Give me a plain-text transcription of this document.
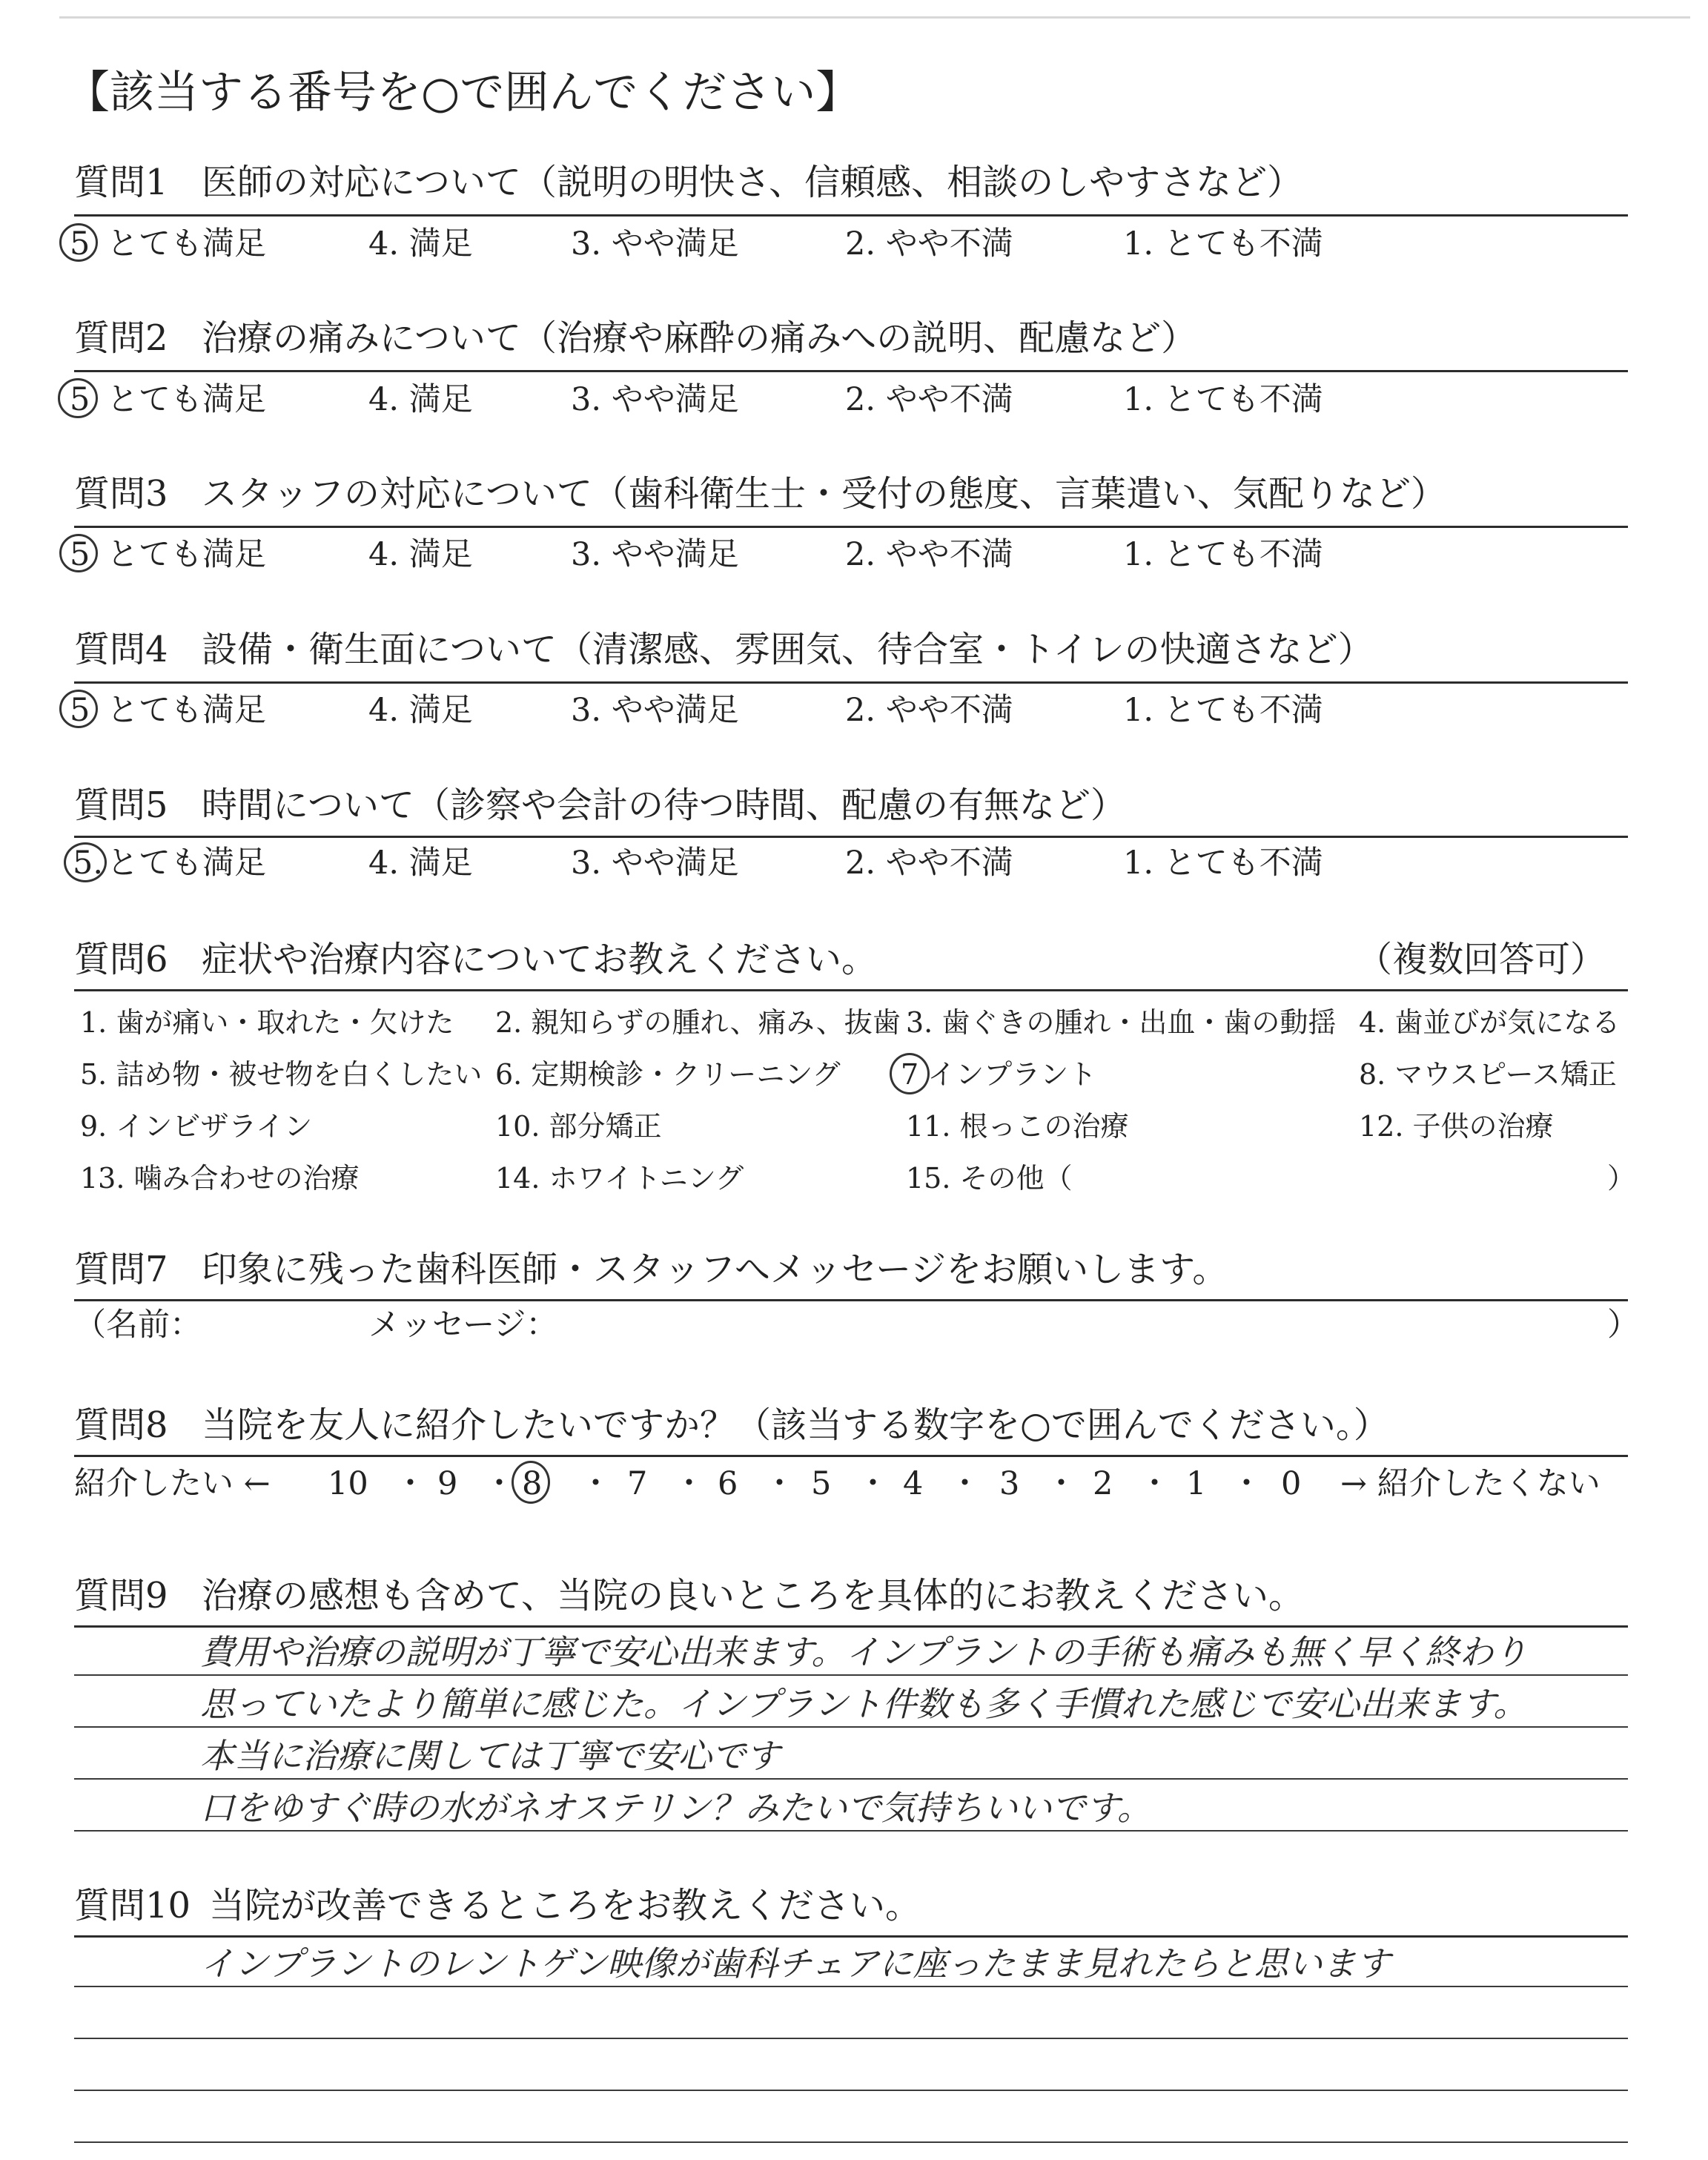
【該当する番号を○で囲んでください】
質問1 医師の対応について（説明の明快さ、信頼感、相談のしやすさなど）
5 とても満足	4. 満足	3. やや満足	2. やや不満	1. とても不満
質問2 治療の痛みについて（治療や麻酔の痛みへの説明、配慮など）
5 とても満足	4. 満足	3. やや満足	2. やや不満	1. とても不満
質問3 スタッフの対応について（歯科衛生士・受付の態度、言葉遣い、気配りなど）
5 とても満足	4. 満足	3. やや満足	2. やや不満	1. とても不満
質問4 設備・衛生面について（清潔感、雰囲気、待合室・トイレの快適さなど）
5 とても満足	4. 満足	3. やや満足	2. やや不満	1. とても不満
質問5 時間について（診察や会計の待つ時間、配慮の有無など）
5. とても満足	4. 満足	3. やや満足	2. やや不満	1. とても不満
質問6 症状や治療内容についてお教えください。	（複数回答可）
1. 歯が痛い・取れた・欠けた 2. 親知らずの腫れ、痛み、抜歯 3. 歯ぐきの腫れ・出血・歯の動揺 4. 歯並びが気になる
5. 詰め物・被せ物を白くしたい 6. 定期検診・クリーニング 7 インプラント	8. マウスピース矯正
9. インビザライン	10. 部分矯正	11. 根っこの治療	12. 子供の治療
13. 噛み合わせの治療	14. ホワイトニング	15. その他（	）
質問7 印象に残った歯科医師・スタッフへメッセージをお願いします。
（名前：	メッセージ：	）
質問8 当院を友人に紹介したいですか？（該当する数字を○で囲んでください。）
紹介したい ← 10 ・ 9 ・ 8 ・ 7 ・ 6 ・ 5 ・ 4 ・ 3 ・ 2 ・ 1 ・ 0 → 紹介したくない
質問9 治療の感想も含めて、当院の良いところを具体的にお教えください。
費用や治療の説明が丁寧で安心出来ます。インプラントの手術も痛みも無く早く終わり
思っていたより簡単に感じた。インプラント件数も多く手慣れた感じで安心出来ます。
本当に治療に関しては丁寧で安心です
口をゆすぐ時の水がネオステリン？みたいで気持ちいいです。
質問10 当院が改善できるところをお教えください。
インプラントのレントゲン映像が歯科チェアに座ったまま見れたらと思います
